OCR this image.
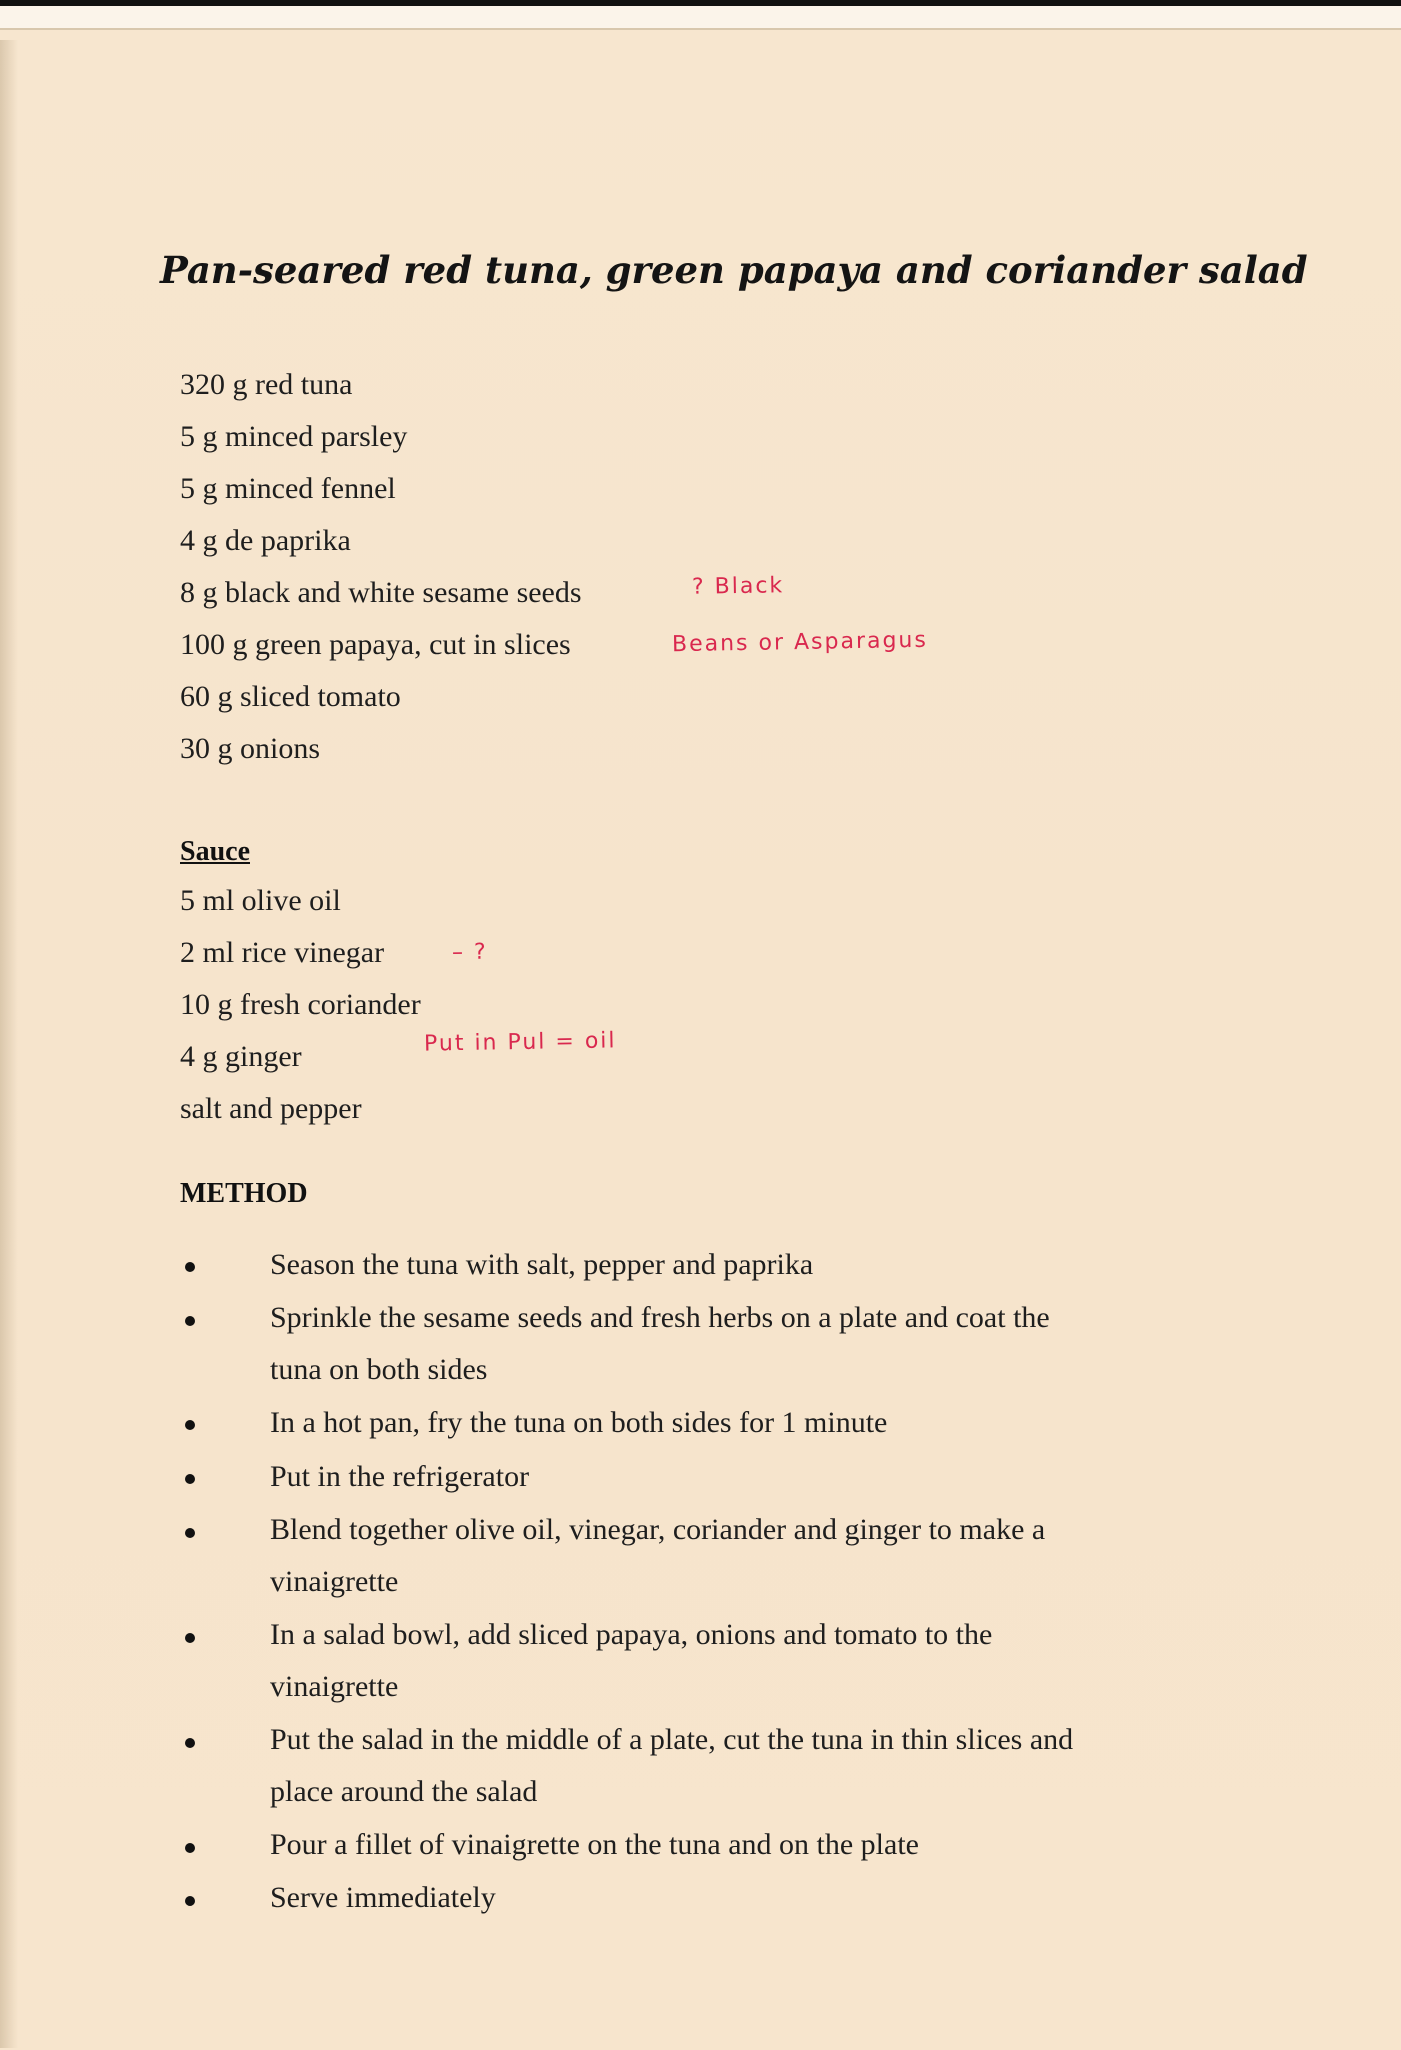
Pan-seared red tuna, green papaya and coriander salad
320 g red tuna
5 g minced parsley
5 g minced fennel
4 g de paprika
8 g black and white sesame seeds
100 g green papaya, cut in slices
60 g sliced tomato
30 g onions
? Black
Beans or Asparagus
– ?
Put in Pul = oil
Sauce
5 ml olive oil
2 ml rice vinegar
10 g fresh coriander
4 g ginger
salt and pepper
METHOD
Season the tuna with salt, pepper and paprika
Sprinkle the sesame seeds and fresh herbs on a plate and coat the
tuna on both sides
In a hot pan, fry the tuna on both sides for 1 minute
Put in the refrigerator
Blend together olive oil, vinegar, coriander and ginger to make a
vinaigrette
In a salad bowl, add sliced papaya, onions and tomato to the
vinaigrette
Put the salad in the middle of a plate, cut the tuna in thin slices and
place around the salad
Pour a fillet of vinaigrette on the tuna and on the plate
Serve immediately
